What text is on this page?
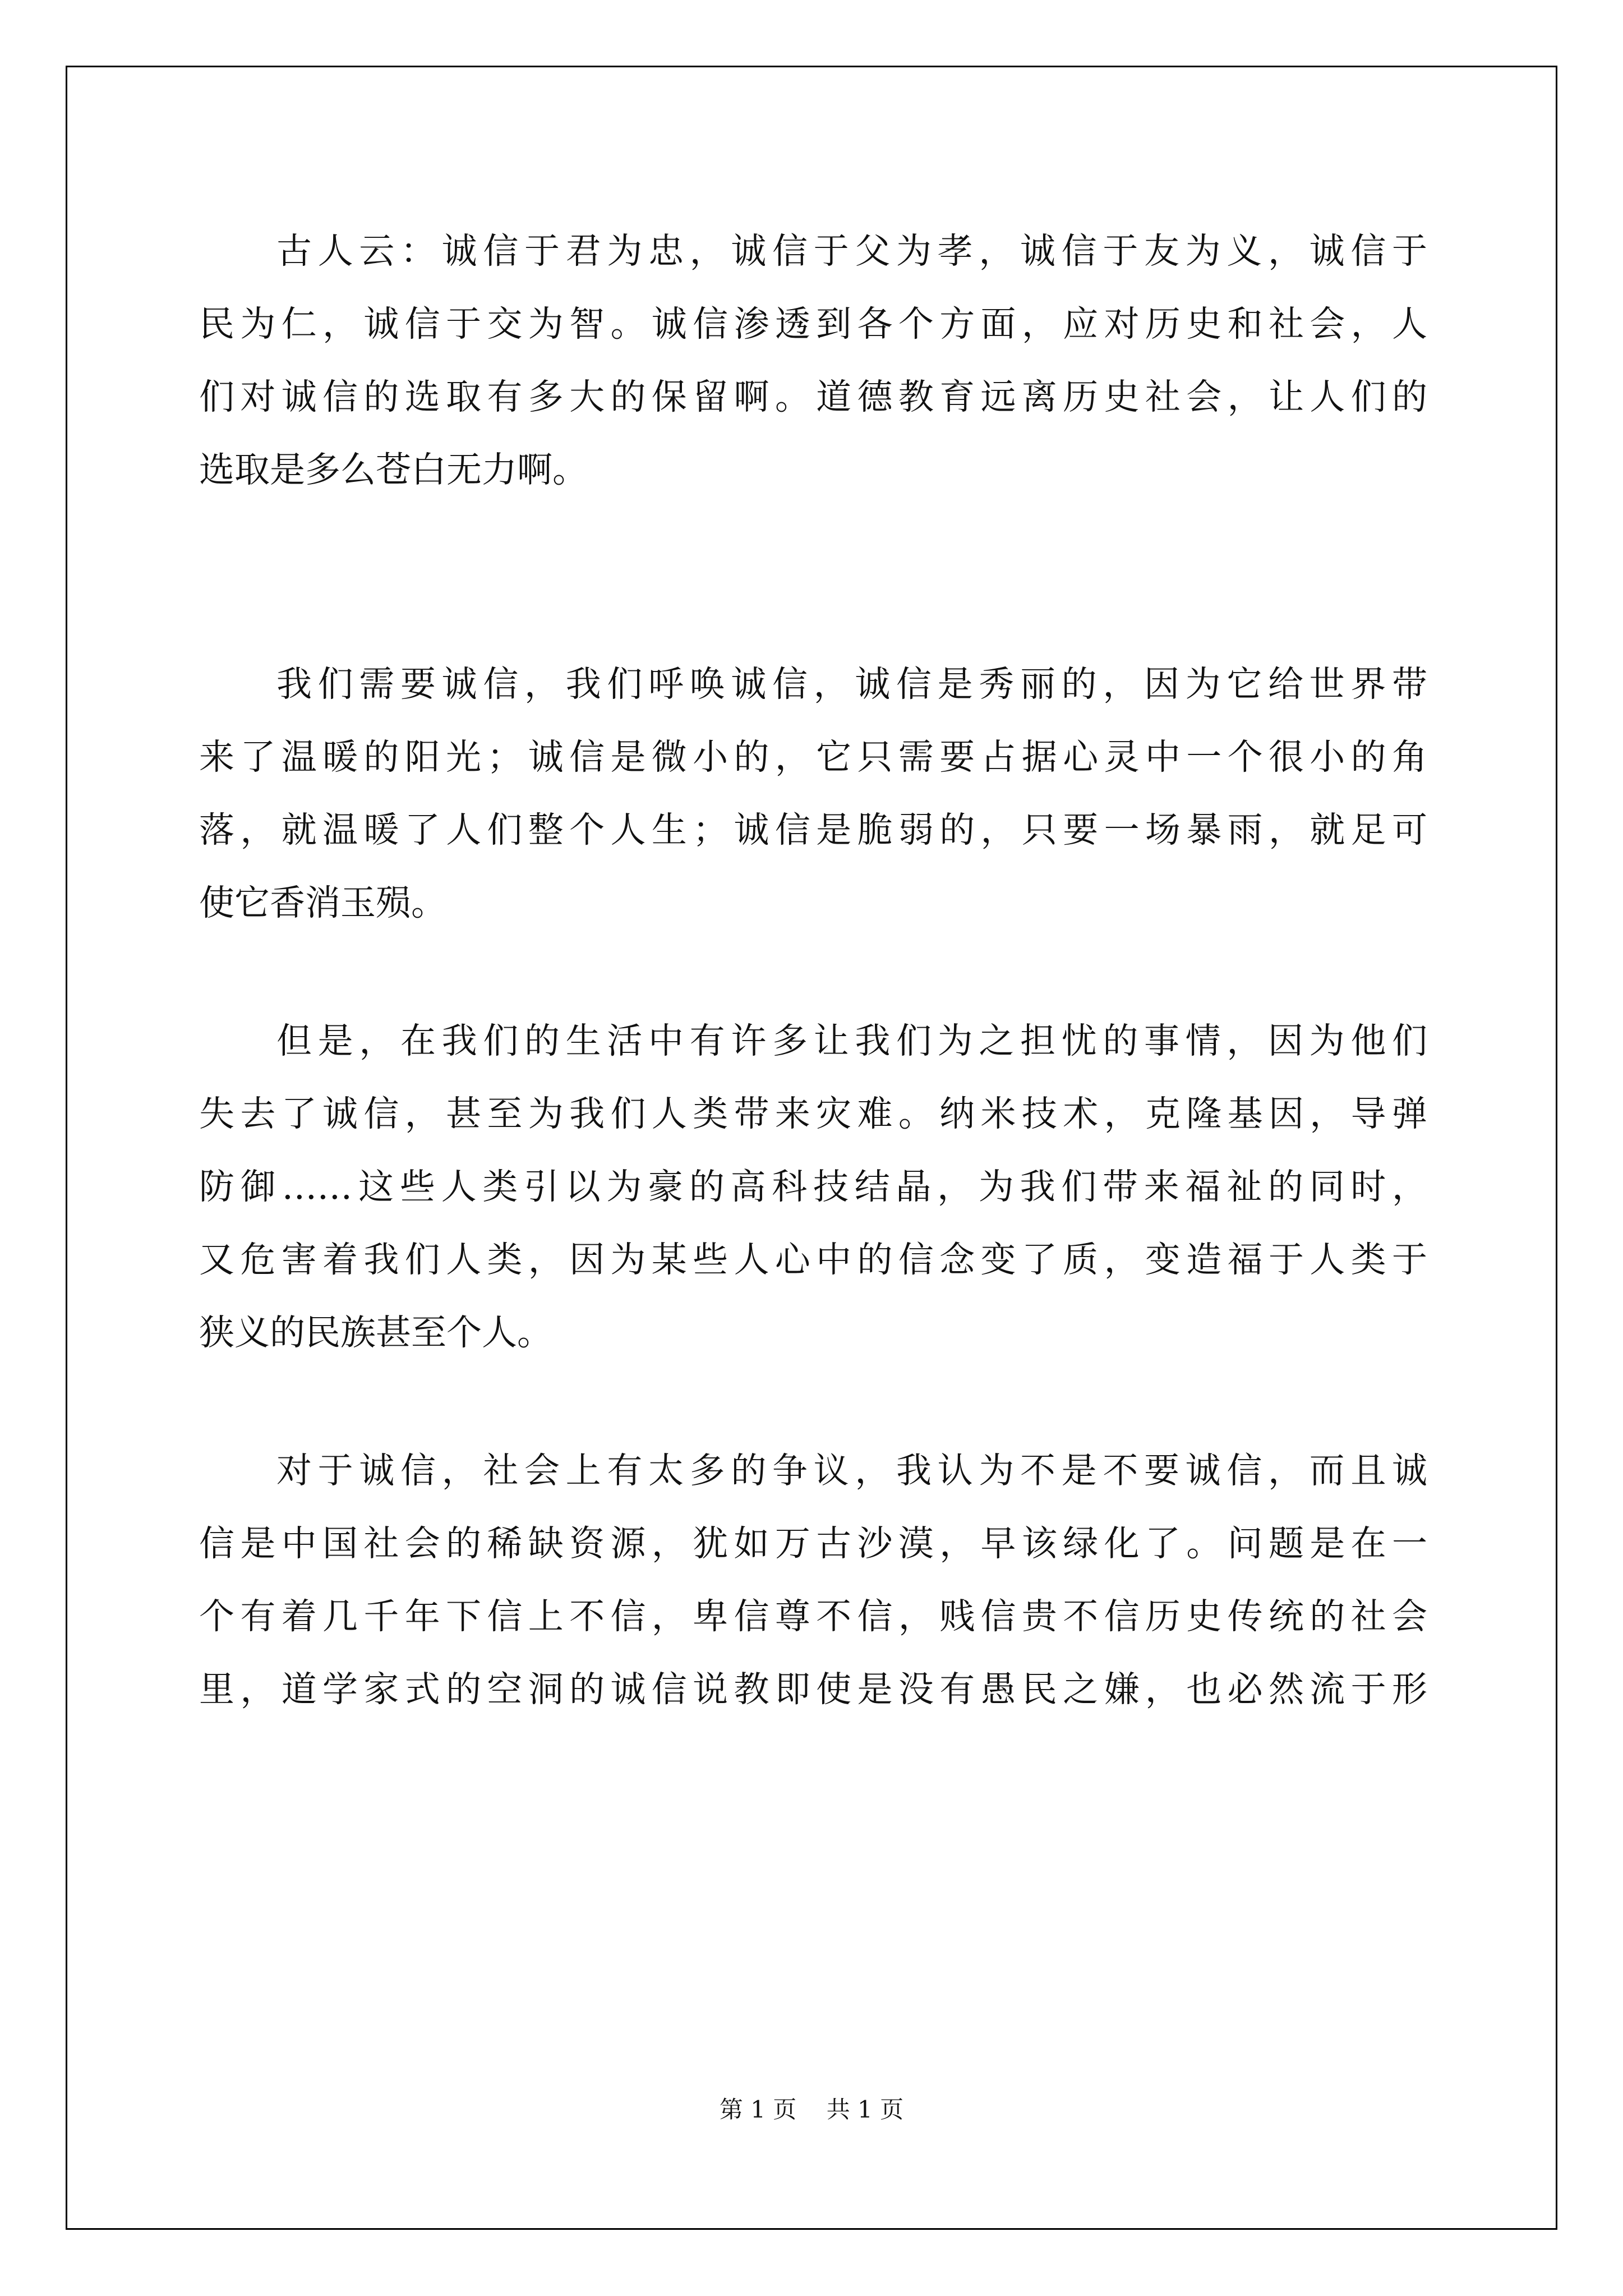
古人云：诚信于君为忠，诚信于父为孝，诚信于友为义，诚信于
民为仁，诚信于交为智。诚信渗透到各个方面，应对历史和社会，人
们对诚信的选取有多大的保留啊。道德教育远离历史社会，让人们的
选取是多么苍白无力啊。
我们需要诚信，我们呼唤诚信，诚信是秀丽的，因为它给世界带
来了温暖的阳光；诚信是微小的，它只需要占据心灵中一个很小的角
落，就温暖了人们整个人生；诚信是脆弱的，只要一场暴雨，就足可
使它香消玉殒。
但是，在我们的生活中有许多让我们为之担忧的事情，因为他们
失去了诚信，甚至为我们人类带来灾难。纳米技术，克隆基因，导弹
防御……这些人类引以为豪的高科技结晶，为我们带来福祉的同时，
又危害着我们人类，因为某些人心中的信念变了质，变造福于人类于
狭义的民族甚至个人。
对于诚信，社会上有太多的争议，我认为不是不要诚信，而且诚
信是中国社会的稀缺资源，犹如万古沙漠，早该绿化了。问题是在一
个有着几千年下信上不信，卑信尊不信，贱信贵不信历史传统的社会
里，道学家式的空洞的诚信说教即使是没有愚民之嫌，也必然流于形
第 1 页    共 1 页
